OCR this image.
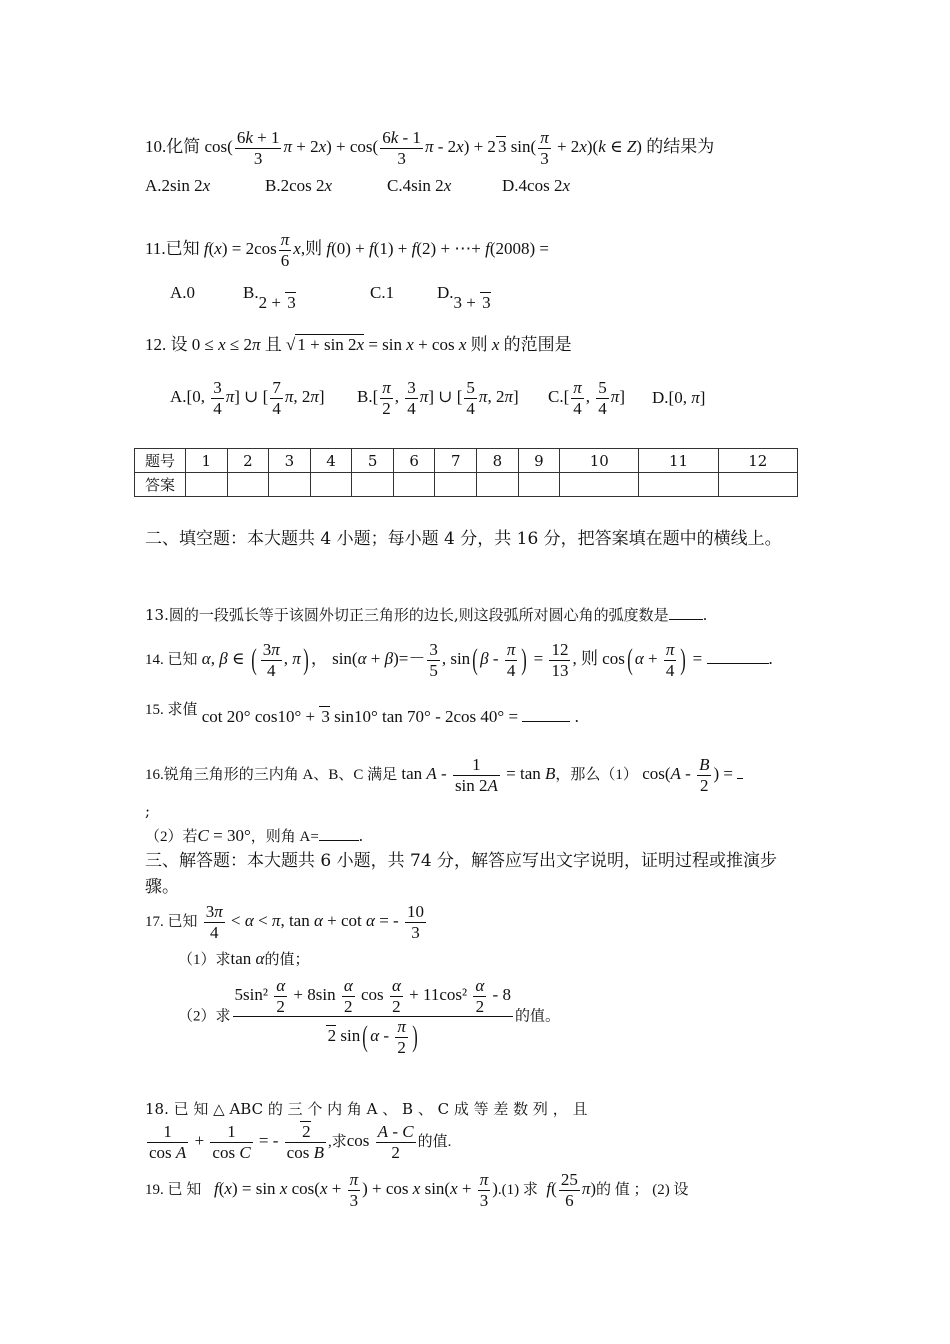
10.化简 $\cos( \frac{6k + 1}{3}$ $\pi + 2x) + \cos( \frac{6k - 1}{3}$ π - 2x) + 2 3 $\sin( \frac{\pi}{3} + 2x)(k$ ∈ Z) 的结果为
A.2sin 2x	B.2cos 2x	C.4sin 2x	D.4cos 2x
11.已知 $f(x) = 2\cos \frac{\pi}{6} x$,则 f(0) + f(1) + f(2) + ⋯+ f(2008) =
A.0	B.2 + 3
C.1	D.3 + 3
12. 设 0 ≤ x ≤ 2π 且 √ 1 + sin 2x = sin x + cos x 则 x 的范围是
A.[0, $\frac{3}{4} \pi$] ∪ [ $\frac{7}{4} \pi$, 2π] $B.[ \frac{\pi}{2}$ , $\frac{3}{4} \pi$] ∪ [ $\frac{5}{4} \pi$, 2π] $C.[ \frac{\pi}{4}$ , $\frac{5}{4} \pi$] D.[0, π]
题号	1	2	3	4	5	6	7	8	9	10	11	12
答案												
二、填空题：本大题共 4 小题；每小题 4 分，共 16 分，把答案填在题中的横线上。
13.圆的一段弧长等于该圆外切正三角形的边长,则这段弧所对圆心角的弧度数是 .
14. 已知 α, β ∈ ( $\frac{3\pi}{4}$ , π) ， $\sin(\alpha + \beta)=- \frac{3}{5}$ , sin( β - $\frac{\pi}{4}$ ) = $\frac{12}{13}$ , 则 cos( $\alpha + \frac{\pi}{4}$ ) =	.
15. 求值 cot 20° cos10° + 3 sin10° tan 70° - 2cos 40° =	.
16.锐角三角形的三内角 A、B、C 满足 $\tan A - \frac{1}{\sin 2A} = \tan B$，那么（1） $\cos(A - \frac{B}{2}$ ) =
;
（2）若C = 30°，则角 A= .
三、解答题：本大题共 6 小题，共 74 分，解答应写出文字说明，证明过程或推演步骤。
17. 已知 $\frac{3\pi}{4} < \alpha < \pi$, tan α + cot α = - $\frac{10}{3}$
（1）求tan α的值；
（2）求 $\frac{5\sin^2 \frac{\alpha}{2} + 8\sin \frac{\alpha}{2} \cos \frac{\alpha}{2} + 11\cos^2 \frac{\alpha}{2} - 8}{2 \sin( \alpha - \frac{\pi}{2} )}$ 的值。
18. 已 知 △ ABC 的 三 个 内 角 A 、 B 、 C 成 等 差 数 列 ， 且
$\frac{1}{\text{cos A}} + \frac{1}{\text{cos C}}$ = - $\frac{2}{\text{cos B}}$ ,求$\cos \frac{A - C}{2}$ 的值.
19. 已 知 f(x) = sin x $\cos(x + \frac{\pi}{3}$ ) + cos x $\sin(x + \frac{\pi}{3} ).(1)$ 求 $f( \frac{25}{6} \pi)$的 值 ； (2) 设
